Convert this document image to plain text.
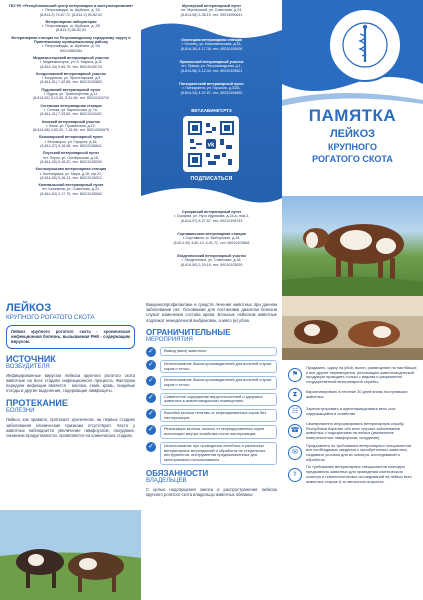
ГБУ РК «Республиканский центр ветеринарии и консультирования»
г. Петрозаводск, ш. Шуйское, д. 2А
(8-814-2) 74-67-72, (8-814-2) 59-82-02
Ветеринарная лаборатория
г. Петрозаводск, ш. Шуйское, д. 2В
(8-814-2) 58-82-02
Ветеринарная станция по Петрозаводскому городскому округу и Прионежскому муниципальному району
г. Петрозаводск, ш. Шуйское, д. 2А
89214580284
Медвежьегорский ветеринарный участок
г. Медвежьегорск, ул. К. Маркса, д.11
(8-814-34) 5-65-75, тел. 89210105720
Кондопожский ветеринарный участок
г. Кондопога, ул. Пролетарская, д.5
(8-814-51) 7-42-85, тел. 89210193803
Пудожский ветеринарный пункт
г. Пудож, ул. Транспортная, д.11,
(8-814-52) 5-13-96, 5-31-66, тел. 89210104710
Сегежская ветеринарная станция
г. Сегежа, ул. Карельская, д. 7а,
(8-814-31) 7-33-62, тел. 89210104431
Кемский ветеринарный участок
г. Кемь, ул. Пушкинская, д.12,
(8-814-58) 4-53-20, 7-15-46, тел. 89214269975
Беломорский ветеринарный пункт
г. Беломорск, ул. Герцена, д.16,
(8-814-37) 5-16-98, тел. 89210106611
Лоухский ветеринарный пункт
пгт. Лоухи, ул. Октябрьская, д.18,
(8-814-39) 5-18-20, тел. 89210105030
Костомукшская ветеринарная станция
г. Костомукша, ул. Мира, д.16, оф.21,
(8-814-59) 5-16-13, тел. 89210105012
Калевальский ветеринарный пункт
пгт. Калевала, ул. Советская, д.31,
(8-814-54) 4-17-79, тел. 89210105062
Муезерский ветеринарный пункт
пгт. Муезерский, ул. Советская, д.24,
(8-814-55) 3-38-10, тел. 89214990641
Олонецкая ветеринарная станция
г. Олонец, ул. Комсомольская, д.33,
(8-814-36) 4-17-38, тел. 89210105000
Пряжинский ветеринарный участок
пгт. Пряжа, ул. Петрозаводская, д.1,
(8-814-56) 3-12-34, тел. 89210105621
Питкярантский ветеринарный пункт
г. Питкяранта, ул. Горького, д.33/А,
(8-814-33) 4-37-67, тел. 89210104892
ВЕТ.КАБИНЕТ.РТЗ
vk
ПОДПИСАТЬСЯ
Суоярвский ветеринарный пункт
г. Суоярви, ул. Нухо Идрисова, д.24-а, пом.3,
(8-814-57) 5-27-57, тел. 89210106743
Сортавальская ветеринарная станция
г. Сортавала, ш. Выборгское, д.18,
(8-814-30) 4-80-13, 4-91-72, тел. 89210103846
Лахденпохский ветеринарный участок
г. Лахденпохья, ул. Советская, д.16,
(8-814-50) 2-29-16, тел. 89210103839
ПАМЯТКА
ЛЕЙКОЗ
КРУПНОГО
РОГАТОГО СКОТА
ЛЕЙКОЗ
КРУПНОГО РОГАТОГО СКОТА
Лейкоз крупного рогатого скота - хроническая инфекционная болезнь, вызываемая РНК - содержащим вирусом.
ИСТОЧНИК
ВОЗБУДИТЕЛЯ
Инфицированные вирусом лейкоза крупного рогатого скота животные на всех стадиях инфекционного процесса. Фактором передачи инфекции является - молоко, семя, кровь, пищевые отходы и другие выделения, содержащие лимфоциты.
ПРОТЕКАНИЕ
БОЛЕЗНИ
Лейкоз, как правило, протекает хронически, на первых стадиях заболевания клинические признаки отсутствуют. Часто у животных наблюдается увеличение лимфоузлов, похудание, снижение продуктивности, проявляются на клинических стадиях.
Вакциноопрофилактики и средств лечения животных при данном заболевании нет. Основными для постановки диагноза болезни служат изменения состава крови. Больные лейкозом животные подлежат немедленной выбраковке, а мясо (и) убою.
ОГРАНИЧИТЕЛЬНЫЕ
МЕРОПРИЯТИЯ
✓	Вывод (ввоз) животных;
✓	Использование быков-производителей для вольной случки коров и телок;
✓	Использование быков-производителей для вольной случки коров и телок;
✓	Совместное содержание вирусоносителей и здоровых животных в животноводческих помещениях;
✓	Выпойка молока телятам от инфицированных коров без пастеризации;
✓	Реализация молока, молоко от инфицированных коров используют внутри хозяйства после пастеризации;
✓	Использование при проведении лечебных и различных ветеринарных мероприятий и обработок не стерильных инструментов, инструментов предназначенных для многоразового использования.
ОБЯЗАННОСТИ
ВЛАДЕЛЬЦЕВ
С целью недопущения заноса и распространения лейкоза крупного рогатого скота владельцы животных обязаны:
⚑
Продавать, сдачу на убой, выгон, размещение на пастбищах и все другие перемещения, реализацию животноводческой продукции проводить только с ведома и разрешения государственной ветеринарной службы;
⧗	Карантинировать в течение 30 дней вновь поступивших животных.
☷	Зарегистрировать и идентифицировать весь скот, содержащийся в хозяйстве.
☎
Своевременно информировать ветеринарную службу Республики Карелия обо всех случаях заболевания животных с подозрением на лейкоз (увеличение поверхностных лимфоузлов, исхудание).
✉
Предъявлять по требованию ветеринарных специалистов все необходимые сведения о приобретенных животных, создавать условия для их осмотра, исследований и обработок.
⚕
По требованию ветеринарных специалистов ежегодно предъявлять животных для проведения клинического осмотра и гематологических исследований на лейкоз всех животных старше 6-ти месячного возраста.
